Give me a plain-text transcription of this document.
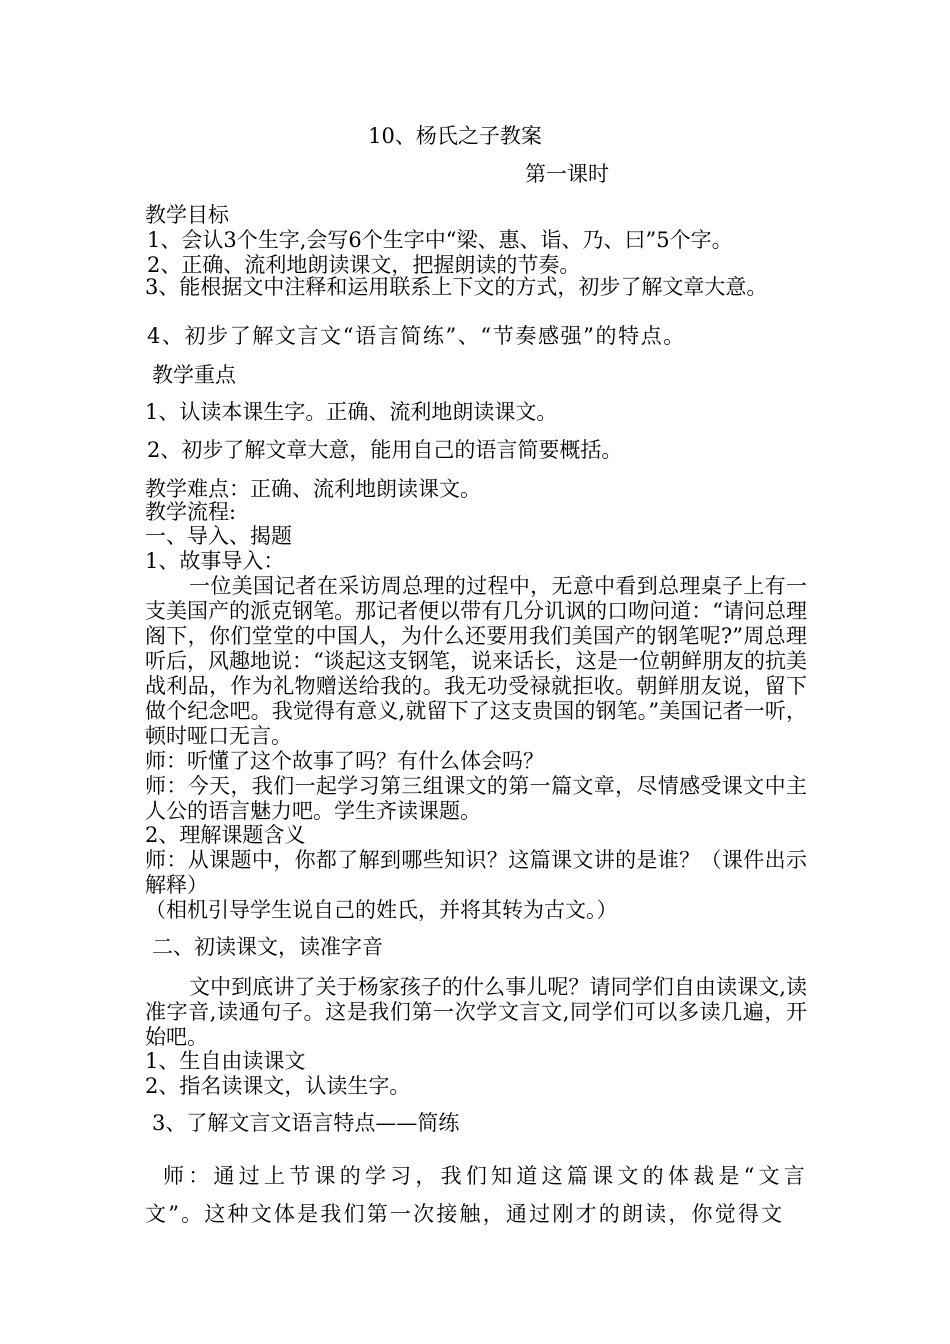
10、杨氏之子教案

第一课时

教学目标

1、会认3个生字,会写6个生字中“梁、惠、诣、乃、曰”5个字。

2、正确、流利地朗读课文，把握朗读的节奏。

3、能根据文中注释和运用联系上下文的方式，初步了解文章大意。

4、初步了解文言文“语言简练”、“节奏感强”的特点。

教学重点

1、认读本课生字。正确、流利地朗读课文。

2、初步了解文章大意，能用自己的语言简要概括。

教学难点：正确、流利地朗读课文。

教学流程:

一、导入、揭题

1、故事导入：

一位美国记者在采访周总理的过程中，无意中看到总理桌子上有一支美国产的派克钢笔。那记者便以带有几分讥讽的口吻问道：“请问总理阁下，你们堂堂的中国人，为什么还要用我们美国产的钢笔呢?”周总理听后，风趣地说：“谈起这支钢笔，说来话长，这是一位朝鲜朋友的抗美战利品，作为礼物赠送给我的。我无功受禄就拒收。朝鲜朋友说，留下做个纪念吧。我觉得有意义,就留下了这支贵国的钢笔。”美国记者一听，顿时哑口无言。

师：听懂了这个故事了吗？有什么体会吗？

师：今天，我们一起学习第三组课文的第一篇文章，尽情感受课文中主人公的语言魅力吧。学生齐读课题。

2、理解课题含义

师：从课题中，你都了解到哪些知识？这篇课文讲的是谁？（课件出示解释）

（相机引导学生说自己的姓氏，并将其转为古文。）

二、初读课文，读准字音

文中到底讲了关于杨家孩子的什么事儿呢？请同学们自由读课文,读准字音,读通句子。这是我们第一次学文言文,同学们可以多读几遍，开始吧。

1、生自由读课文

2、指名读课文，认读生字。

3、了解文言文语言特点——简练

师：通过上节课的学习，我们知道这篇课文的体裁是“文言文”。这种文体是我们第一次接触，通过刚才的朗读，你觉得文
